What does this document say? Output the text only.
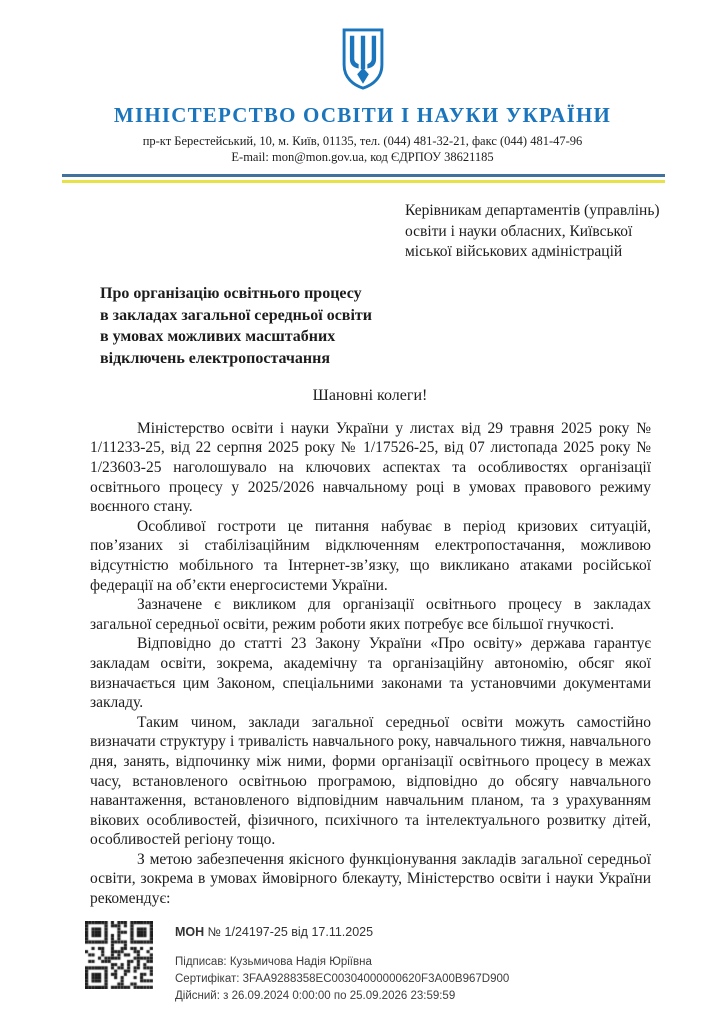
МІНІСТЕРСТВО ОСВІТИ І НАУКИ УКРАЇНИ
пр-кт Берестейський, 10, м. Київ, 01135, тел. (044) 481-32-21, факс (044) 481-47-96
E-mail: mon@mon.gov.ua, код ЄДРПОУ 38621185
Керівникам департаментів (управлінь)
освіти і науки обласних, Київської
міської військових адміністрацій
Про організацію освітнього процесу
в закладах загальної середньої освіти
в умовах можливих масштабних
відключень електропостачання
Шановні колеги!

Міністерство освіти і науки України у листах від 29 травня 2025 року № 1/11233-25, від 22 серпня 2025 року № 1/17526-25, від 07 листопада 2025 року № 1/23603-25 наголошувало на ключових аспектах та особливостях організації освітнього процесу у 2025/2026 навчальному році в умовах правового режиму воєнного стану.

Особливої гостроти це питання набуває в період кризових ситуацій, пов’язаних зі стабілізаційним відключенням електропостачання, можливою відсутністю мобільного та Інтернет-зв’язку, що викликано атаками російської федерації на об’єкти енергосистеми України.

Зазначене є викликом для організації освітнього процесу в закладах загальної середньої освіти, режим роботи яких потребує все більшої гнучкості.

Відповідно до статті 23 Закону України «Про освіту» держава гарантує закладам освіти, зокрема, академічну та організаційну автономію, обсяг якої визначається цим Законом, спеціальними законами та установчими документами закладу.

Таким чином, заклади загальної середньої освіти можуть самостійно визначати структуру і тривалість навчального року, навчального тижня, навчального дня, занять, відпочинку між ними, форми організації освітнього процесу в межах часу, встановленого освітньою програмою, відповідно до обсягу навчального навантаження, встановленого відповідним навчальним планом, та з урахуванням вікових особливостей, фізичного, психічного та інтелектуального розвитку дітей, особливостей регіону тощо.

З метою забезпечення якісного функціонування закладів загальної середньої освіти, зокрема в умовах ймовірного блекауту, Міністерство освіти і науки України рекомендує:

МОН № 1/24197-25 від 17.11.2025
Підписав: Кузьмичова Надія Юріївна
Сертифікат: 3FAA9288358EC00304000000620F3A00B967D900
Дійсний: з 26.09.2024 0:00:00 по 25.09.2026 23:59:59
